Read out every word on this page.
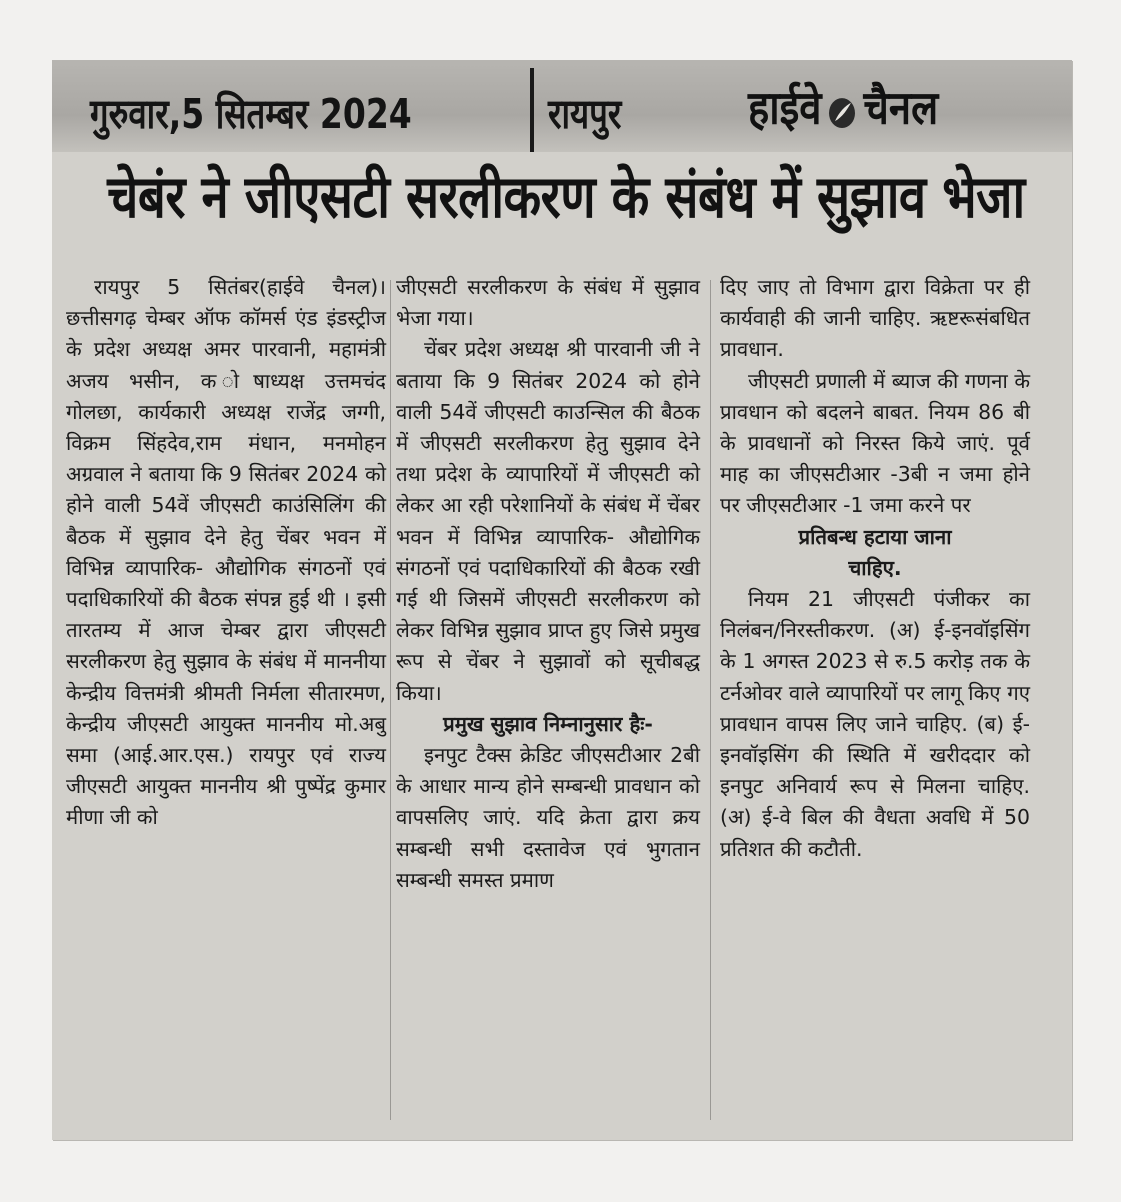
गुरुवार,5 सितम्बर 2024	रायपुर	हाईवे चैनल
चेबंर ने जीएसटी सरलीकरण के संबंध में सुझाव भेजा

रायपुर 5 सितंबर(हाईवे चैनल)। छत्तीसगढ़ चेम्बर ऑफ कॉमर्स एंड इंडस्ट्रीज के प्रदेश अध्यक्ष अमर पारवानी, महामंत्री अजय भसीन, क ोषाध्यक्ष उत्तमचंद गोलछा, कार्यकारी अध्यक्ष राजेंद्र जग्गी, विक्रम सिंहदेव,राम मंधान, मनमोहन अग्रवाल ने बताया कि 9 सितंबर 2024 को होने वाली 54वें जीएसटी काउंसिलिंग की बैठक में सुझाव देने हेतु चेंबर भवन में विभिन्न व्यापारिक- औद्योगिक संगठनों एवं पदाधिकारियों की बैठक संपन्न हुई थी । इसी तारतम्य में आज चेम्बर द्वारा जीएसटी सरलीकरण हेतु सुझाव के संबंध में माननीया केन्द्रीय वित्तमंत्री श्रीमती निर्मला सीतारमण, केन्द्रीय जीएसटी आयुक्त माननीय मो.अबु समा (आई.आर.एस.) रायपुर एवं राज्य जीएसटी आयुक्त माननीय श्री पुष्पेंद्र कुमार मीणा जी को

जीएसटी सरलीकरण के संबंध में सुझाव भेजा गया।

चेंबर प्रदेश अध्यक्ष श्री पारवानी जी ने बताया कि 9 सितंबर 2024 को होने वाली 54वें जीएसटी काउन्सिल की बैठक में जीएसटी सरलीकरण हेतु सुझाव देने तथा प्रदेश के व्यापारियों में जीएसटी को लेकर आ रही परेशानियों के संबंध में चेंबर भवन में विभिन्न व्यापारिक- औद्योगिक संगठनों एवं पदाधिकारियों की बैठक रखी गई थी जिसमें जीएसटी सरलीकरण को लेकर विभिन्न सुझाव प्राप्त हुए जिसे प्रमुख रूप से चेंबर ने सुझावों को सूचीबद्ध किया।

प्रमुख सुझाव निम्नानुसार हैः-

इनपुट टैक्स क्रेडिट जीएसटीआर 2बी के आधार मान्य होने सम्बन्धी प्रावधान को वापसलिए जाएं. यदि क्रेता द्वारा क्रय सम्बन्धी सभी दस्तावेज एवं भुगतान सम्बन्धी समस्त प्रमाण

दिए जाए तो विभाग द्वारा विक्रेता पर ही कार्यवाही की जानी चाहिए. ऋष्टरूसंबधित प्रावधान.

जीएसटी प्रणाली में ब्याज की गणना के प्रावधान को बदलने बाबत. नियम 86 बी के प्रावधानों को निरस्त किये जाएं. पूर्व माह का जीएसटीआर -3बी न जमा होने पर जीएसटीआर -1 जमा करने पर

प्रतिबन्ध हटाया जाना

चाहिए.

नियम 21 जीएसटी पंजीकर का निलंबन/निरस्तीकरण. (अ) ई-इनवॉइसिंग के 1 अगस्त 2023 से रु.5 करोड़ तक के टर्नओवर वाले व्यापारियों पर लागू किए गए प्रावधान वापस लिए जाने चाहिए. (ब) ई-इनवॉइसिंग की स्थिति में खरीददार को इनपुट अनिवार्य रूप से मिलना चाहिए. (अ) ई-वे बिल की वैधता अवधि में 50 प्रतिशत की कटौती.
